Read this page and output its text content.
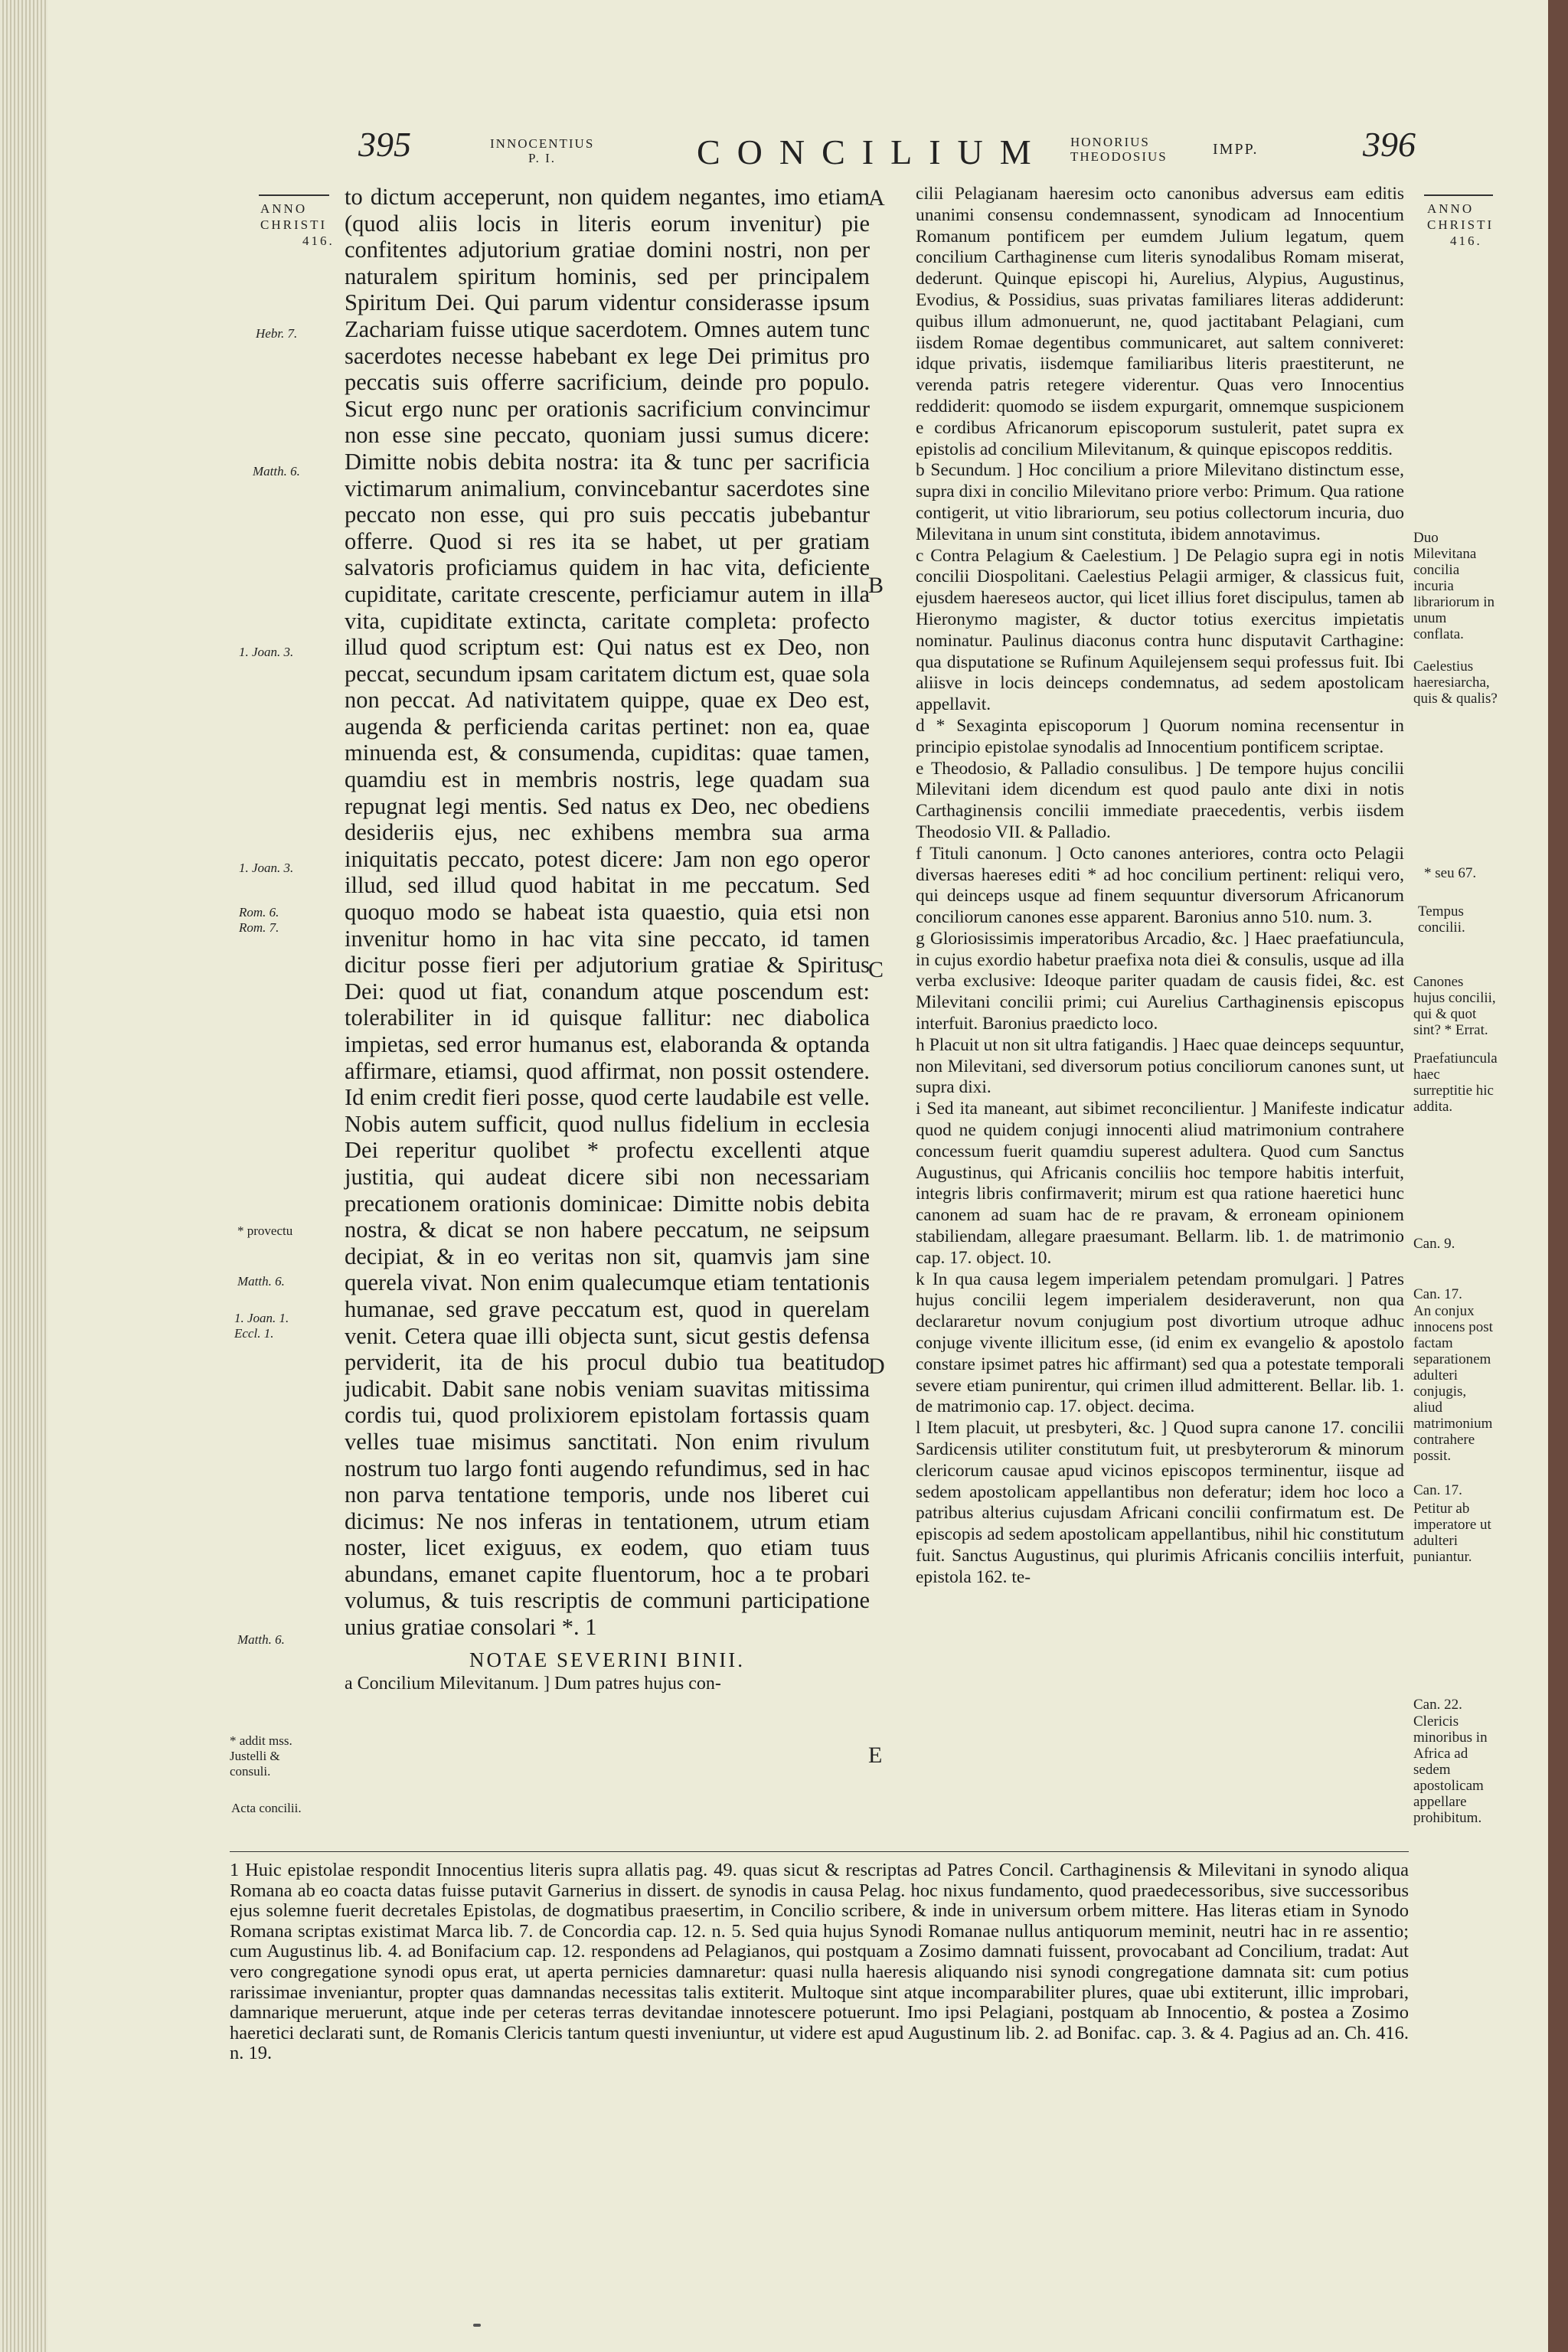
395	INNOCENTIUS
P. I.	CONCILIUM HONORIUS
THEODOSIUS	IMPP.	396
ANNO
CHRISTI
416.
ANNO
CHRISTI
416.
Hebr. 7.
Matth. 6.
1. Joan. 3.
1. Joan. 3.
Rom. 6. Rom. 7.
* provectu
Matth. 6.
1. Joan. 1. Eccl. 1.
Matth. 6.
* addit mss. Justelli & consuli.
Acta concilii.
A
B
C
D
E

to dictum acceperunt, non quidem negantes, imo etiam (quod aliis locis in literis eorum invenitur) pie confitentes adjutorium gratiae domini nostri, non per naturalem spiritum hominis, sed per principalem Spiritum Dei. Qui parum videntur considerasse ipsum Zachariam fuisse utique sacerdotem. Omnes autem tunc sacerdotes necesse habebant ex lege Dei primitus pro peccatis suis offerre sacrificium, deinde pro populo. Sicut ergo nunc per orationis sacrificium convincimur non esse sine peccato, quoniam jussi sumus dicere: Dimitte nobis debita nostra: ita & tunc per sacrificia victimarum animalium, convincebantur sacerdotes sine peccato non esse, qui pro suis peccatis jubebantur offerre. Quod si res ita se habet, ut per gratiam salvatoris proficiamus quidem in hac vita, deficiente cupiditate, caritate crescente, perficiamur autem in illa vita, cupiditate extincta, caritate completa: profecto illud quod scriptum est: Qui natus est ex Deo, non peccat, secundum ipsam caritatem dictum est, quae sola non peccat. Ad nativitatem quippe, quae ex Deo est, augenda & perficienda caritas pertinet: non ea, quae minuenda est, & consumenda, cupiditas: quae tamen, quamdiu est in membris nostris, lege quadam sua repugnat legi mentis. Sed natus ex Deo, nec obediens desideriis ejus, nec exhibens membra sua arma iniquitatis peccato, potest dicere: Jam non ego operor illud, sed illud quod habitat in me peccatum. Sed quoquo modo se habeat ista quaestio, quia etsi non invenitur homo in hac vita sine peccato, id tamen dicitur posse fieri per adjutorium gratiae & Spiritus Dei: quod ut fiat, conandum atque poscendum est: tolerabiliter in id quisque fallitur: nec diabolica impietas, sed error humanus est, elaboranda & optanda affirmare, etiamsi, quod affirmat, non possit ostendere. Id enim credit fieri posse, quod certe laudabile est velle. Nobis autem sufficit, quod nullus fidelium in ecclesia Dei reperitur quolibet * profectu excellenti atque justitia, qui audeat dicere sibi non necessariam precationem orationis dominicae: Dimitte nobis debita nostra, & dicat se non habere peccatum, ne seipsum decipiat, & in eo veritas non sit, quamvis jam sine querela vivat. Non enim qualecumque etiam tentationis humanae, sed grave peccatum est, quod in querelam venit. Cetera quae illi objecta sunt, sicut gestis defensa perviderit, ita de his procul dubio tua beatitudo judicabit. Dabit sane nobis veniam suavitas mitissima cordis tui, quod prolixiorem epistolam fortassis quam velles tuae misimus sanctitati. Non enim rivulum nostrum tuo largo fonti augendo refundimus, sed in hac non parva tentatione temporis, unde nos liberet cui dicimus: Ne nos inferas in tentationem, utrum etiam noster, licet exiguus, ex eodem, quo etiam tuus abundans, emanet capite fluentorum, hoc a te probari volumus, & tuis rescriptis de communi participatione unius gratiae consolari *. 1

NOTAE SEVERINI BINII.

a Concilium Milevitanum. ] Dum patres hujus con-

cilii Pelagianam haeresim octo canonibus adversus eam editis unanimi consensu condemnassent, synodicam ad Innocentium Romanum pontificem per eumdem Julium legatum, quem concilium Carthaginense cum literis synodalibus Romam miserat, dederunt. Quinque episcopi hi, Aurelius, Alypius, Augustinus, Evodius, & Possidius, suas privatas familiares literas addiderunt: quibus illum admonuerunt, ne, quod jactitabant Pelagiani, cum iisdem Romae degentibus communicaret, aut saltem conniveret: idque privatis, iisdemque familiaribus literis praestiterunt, ne verenda patris retegere viderentur. Quas vero Innocentius reddiderit: quomodo se iisdem expurgarit, omnemque suspicionem e cordibus Africanorum episcoporum sustulerit, patet supra ex epistolis ad concilium Milevitanum, & quinque episcopos redditis.

b Secundum. ] Hoc concilium a priore Milevitano distinctum esse, supra dixi in concilio Milevitano priore verbo: Primum. Qua ratione contigerit, ut vitio librariorum, seu potius collectorum incuria, duo Milevitana in unum sint constituta, ibidem annotavimus.

c Contra Pelagium & Caelestium. ] De Pelagio supra egi in notis concilii Diospolitani. Caelestius Pelagii armiger, & classicus fuit, ejusdem haereseos auctor, qui licet illius foret discipulus, tamen ab Hieronymo magister, & ductor totius exercitus impietatis nominatur. Paulinus diaconus contra hunc disputavit Carthagine: qua disputatione se Rufinum Aquilejensem sequi professus fuit. Ibi aliisve in locis deinceps condemnatus, ad sedem apostolicam appellavit.

d * Sexaginta episcoporum ] Quorum nomina recensentur in principio epistolae synodalis ad Innocentium pontificem scriptae.

e Theodosio, & Palladio consulibus. ] De tempore hujus concilii Milevitani idem dicendum est quod paulo ante dixi in notis Carthaginensis concilii immediate praecedentis, verbis iisdem Theodosio VII. & Palladio.

f Tituli canonum. ] Octo canones anteriores, contra octo Pelagii diversas haereses editi * ad hoc concilium pertinent: reliqui vero, qui deinceps usque ad finem sequuntur diversorum Africanorum conciliorum canones esse apparent. Baronius anno 510. num. 3.

g Gloriosissimis imperatoribus Arcadio, &c. ] Haec praefatiuncula, in cujus exordio habetur praefixa nota diei & consulis, usque ad illa verba exclusive: Ideoque pariter quadam de causis fidei, &c. est Milevitani concilii primi; cui Aurelius Carthaginensis episcopus interfuit. Baronius praedicto loco.

h Placuit ut non sit ultra fatigandis. ] Haec quae deinceps sequuntur, non Milevitani, sed diversorum potius conciliorum canones sunt, ut supra dixi.

i Sed ita maneant, aut sibimet reconcilientur. ] Manifeste indicatur quod ne quidem conjugi innocenti aliud matrimonium contrahere concessum fuerit quamdiu superest adultera. Quod cum Sanctus Augustinus, qui Africanis conciliis hoc tempore habitis interfuit, integris libris confirmaverit; mirum est qua ratione haeretici hunc canonem ad suam hac de re pravam, & erroneam opinionem stabiliendam, allegare praesumant. Bellarm. lib. 1. de matrimonio cap. 17. object. 10.

k In qua causa legem imperialem petendam promulgari. ] Patres hujus concilii legem imperialem desideraverunt, non qua declararetur novum conjugium post divortium utroque adhuc conjuge vivente illicitum esse, (id enim ex evangelio & apostolo constare ipsimet patres hic affirmant) sed qua a potestate temporali severe etiam punirentur, qui crimen illud admitterent. Bellar. lib. 1. de matrimonio cap. 17. object. decima.

l Item placuit, ut presbyteri, &c. ] Quod supra canone 17. concilii Sardicensis utiliter constitutum fuit, ut presbyterorum & minorum clericorum causae apud vicinos episcopos terminentur, iisque ad sedem apostolicam appellantibus non deferatur; idem hoc loco a patribus alterius cujusdam Africani concilii confirmatum est. De episcopis ad sedem apostolicam appellantibus, nihil hic constitutum fuit. Sanctus Augustinus, qui plurimis Africanis conciliis interfuit, epistola 162. te-

Duo Milevitana concilia incuria librariorum in unum conflata.
Caelestius haeresiarcha, quis & qualis?
* seu 67.
Tempus concilii.
Canones hujus concilii, qui & quot sint? * Errat.
Praefatiuncula haec surreptitie hic addita.
Can. 9.
Can. 17.
An conjux innocens post factam separationem adulteri conjugis, aliud matrimonium contrahere possit.
Can. 17.
Petitur ab imperatore ut adulteri puniantur.
Can. 22.
Clericis minoribus in Africa ad sedem apostolicam appellare prohibitum.
1 Huic epistolae respondit Innocentius literis supra allatis pag. 49. quas sicut & rescriptas ad Patres Concil. Carthaginensis & Milevitani in synodo aliqua Romana ab eo coacta datas fuisse putavit Garnerius in dissert. de synodis in causa Pelag. hoc nixus fundamento, quod praedecessoribus, sive successoribus ejus solemne fuerit decretales Epistolas, de dogmatibus praesertim, in Concilio scribere, & inde in universum orbem mittere. Has literas etiam in Synodo Romana scriptas existimat Marca lib. 7. de Concordia cap. 12. n. 5. Sed quia hujus Synodi Romanae nullus antiquorum meminit, neutri hac in re assentio; cum Augustinus lib. 4. ad Bonifacium cap. 12. respondens ad Pelagianos, qui postquam a Zosimo damnati fuissent, provocabant ad Concilium, tradat: Aut vero congregatione synodi opus erat, ut aperta pernicies damnaretur: quasi nulla haeresis aliquando nisi synodi congregatione damnata sit: cum potius rarissimae inveniantur, propter quas damnandas necessitas talis extiterit. Multoque sint atque incomparabiliter plures, quae ubi extiterunt, illic improbari, damnarique meruerunt, atque inde per ceteras terras devitandae innotescere potuerunt. Imo ipsi Pelagiani, postquam ab Innocentio, & postea a Zosimo haeretici declarati sunt, de Romanis Clericis tantum questi inveniuntur, ut videre est apud Augustinum lib. 2. ad Bonifac. cap. 3. & 4. Pagius ad an. Ch. 416. n. 19.
